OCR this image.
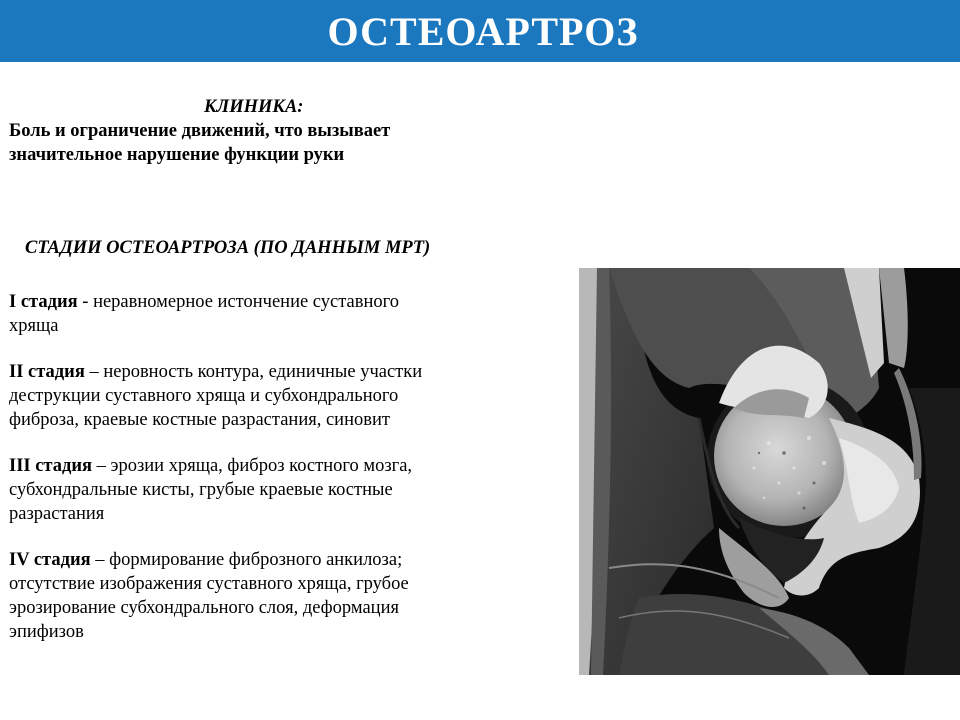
ОСТЕОАРТРОЗ
КЛИНИКА:
Боль и ограничение движений, что вызывает
значительное нарушение функции руки
СТАДИИ ОСТЕОАРТРОЗА (ПО ДАННЫМ МРТ)
I стадия - неравномерное истончение суставного
хряща
II стадия – неровность контура, единичные участки
деструкции суставного хряща и субхондрального
фиброза, краевые костные разрастания, синовит
III стадия – эрозии хряща, фиброз костного мозга,
субхондральные кисты, грубые краевые костные
разрастания
IV стадия – формирование фиброзного анкилоза;
отсутствие изображения суставного хряща, грубое
эрозирование субхондрального слоя, деформация
эпифизов
